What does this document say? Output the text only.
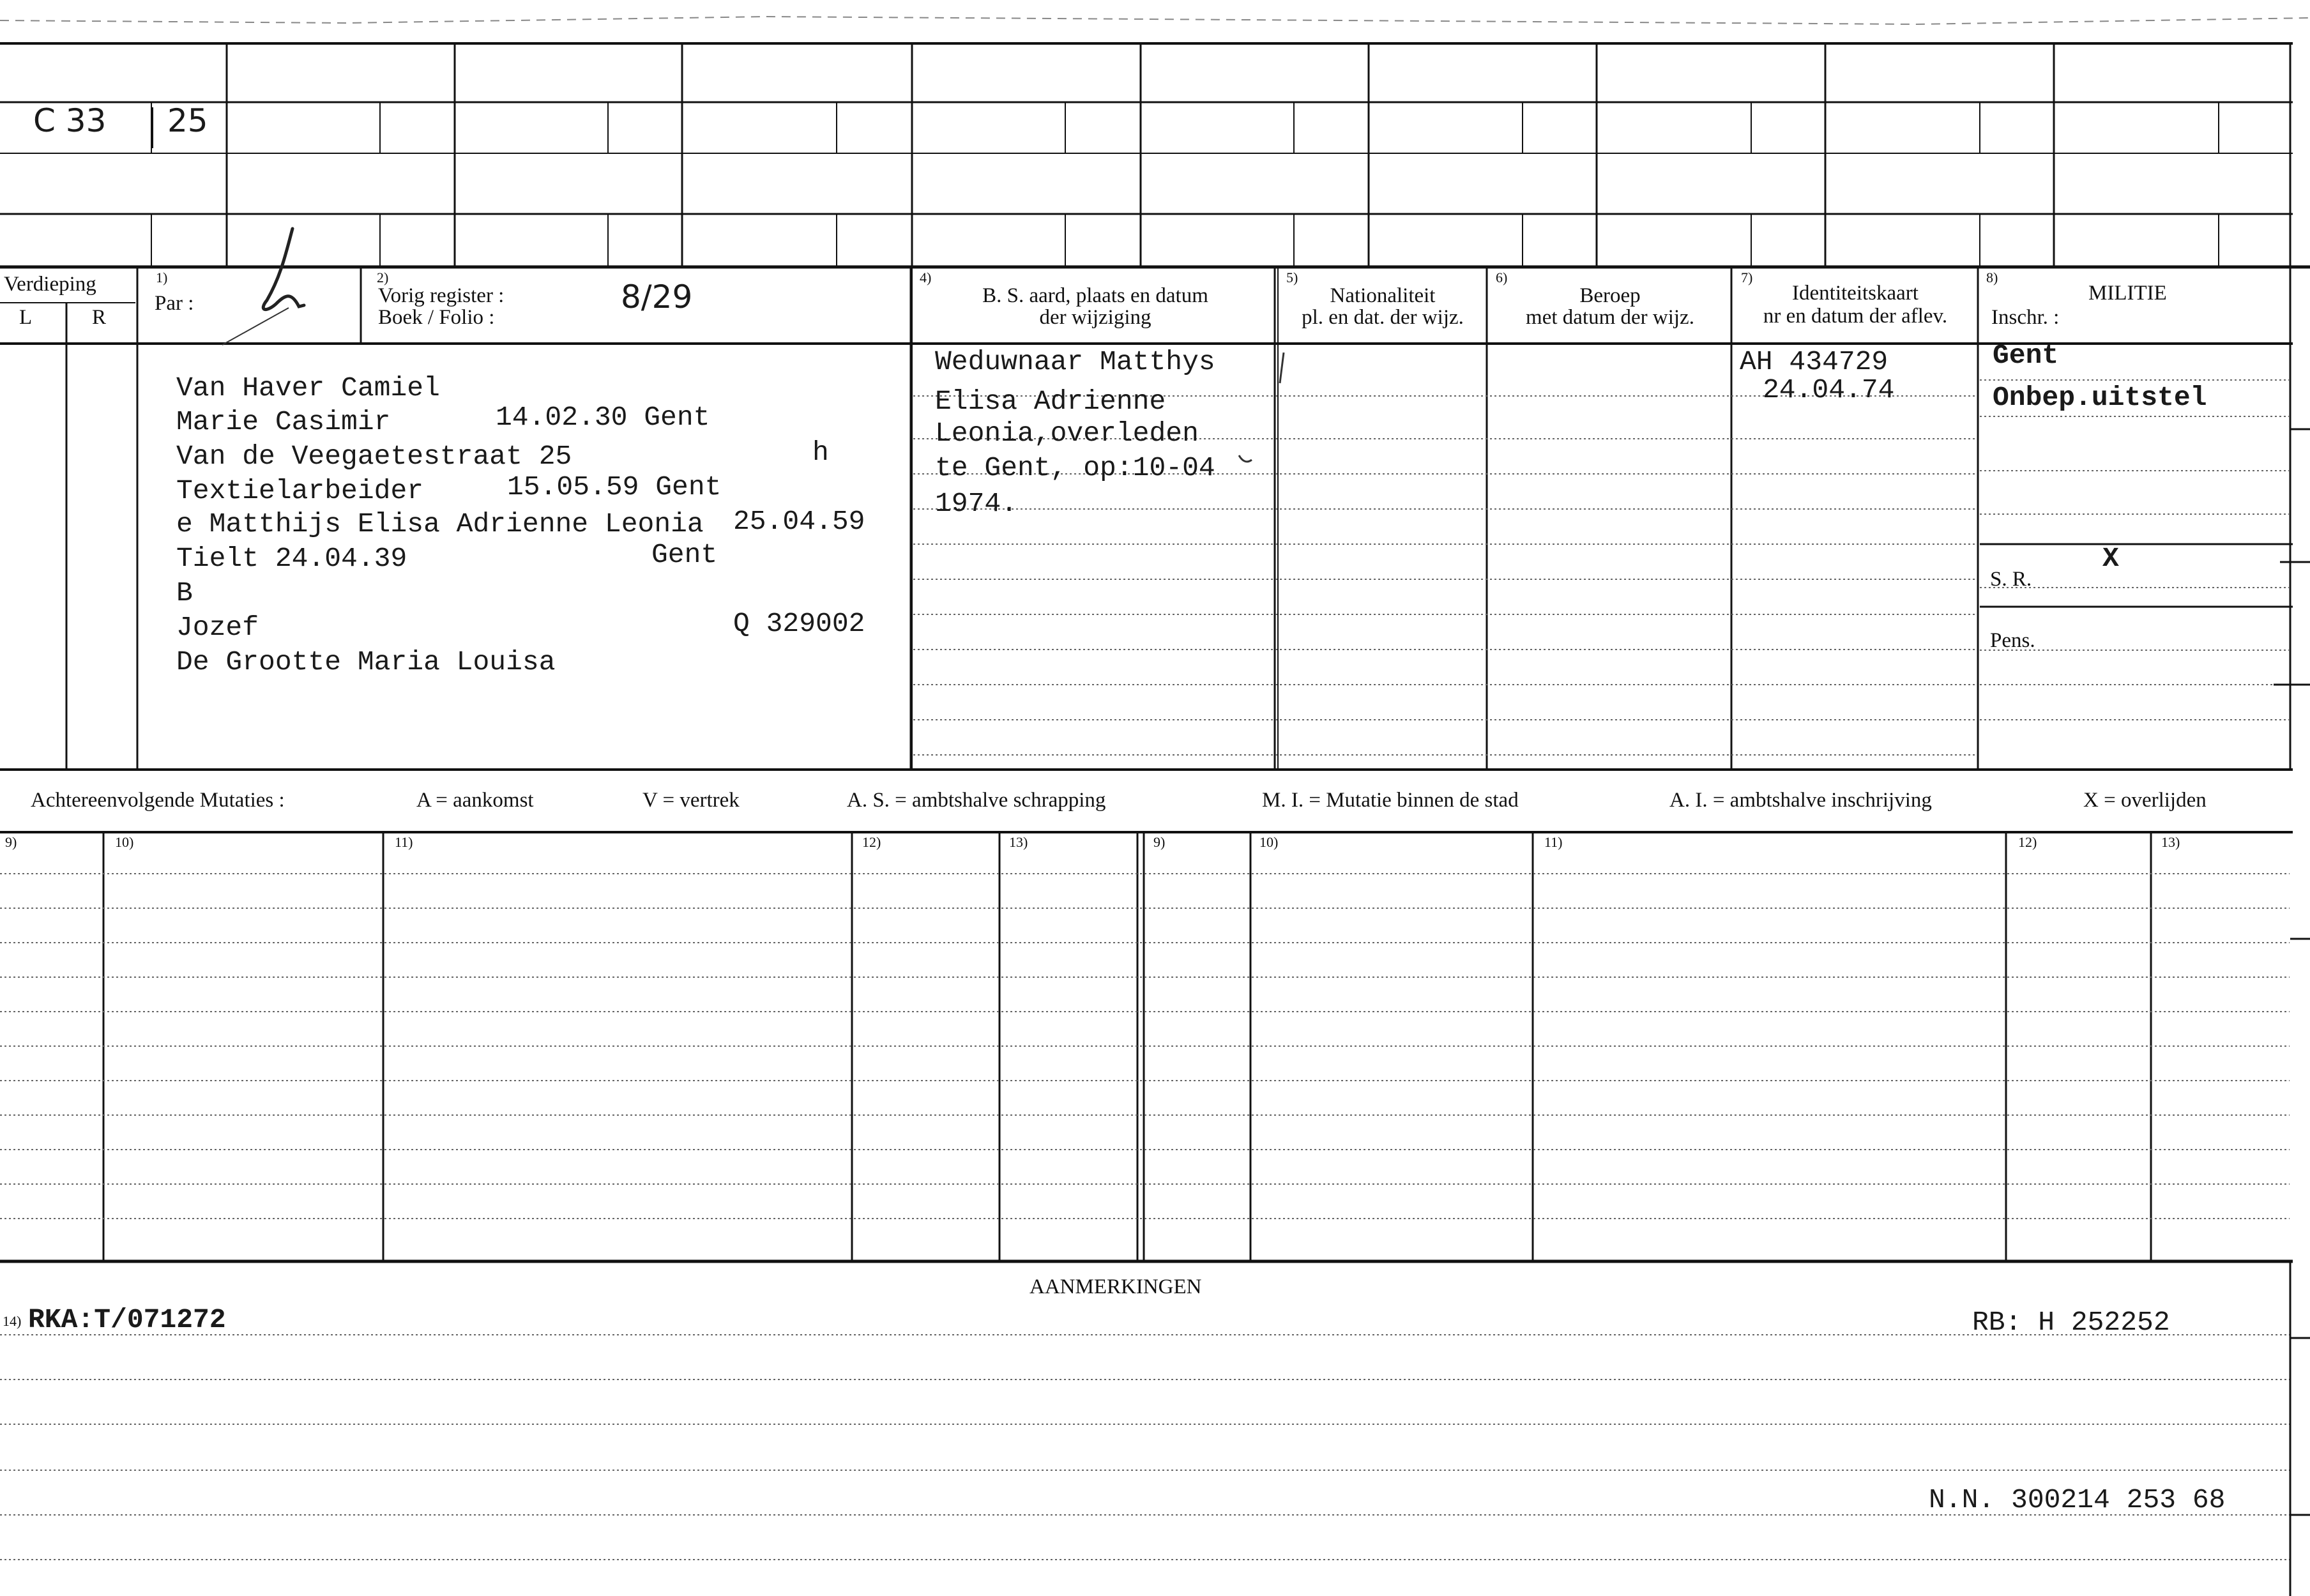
C 33 25
Verdieping
L	R
1)
Par :
2)
Vorig register :
Boek / Folio :
8/29
4)
B. S. aard, plaats en datum
der wijziging
5)
Nationaliteit
pl. en dat. der wijz.
6)
Beroep
met datum der wijz.
7)
Identiteitskaart
nr en datum der aflev.
8)
MILITIE
Inschr. :
Van Haver Camiel
Marie Casimir	14.02.30 Gent
Van de Veegaetestraat 25	h
Textielarbeider	15.05.59 Gent
e Matthijs Elisa Adrienne Leonia 25.04.59
Tielt 24.04.39	Gent
B
Jozef	Q 329002
De Grootte Maria Louisa
Weduwnaar Matthys
Elisa Adrienne
Leonia,overleden
te Gent, op:10-04
1974.
AH 434729
24.04.74
Gent
Onbep.uitstel
S. R.
X
Pens.
Achtereenvolgende Mutaties :	A = aankomst	V = vertrek	A. S. = ambtshalve schrapping	M. I. = Mutatie binnen de stad	A. I. = ambtshalve inschrijving	X = overlijden
9)	10)	11)	12)	13)	9)	10)	11)	12)	13)
AANMERKINGEN
14) RKA:T/071272	RB: H 252252
N.N. 300214 253 68
